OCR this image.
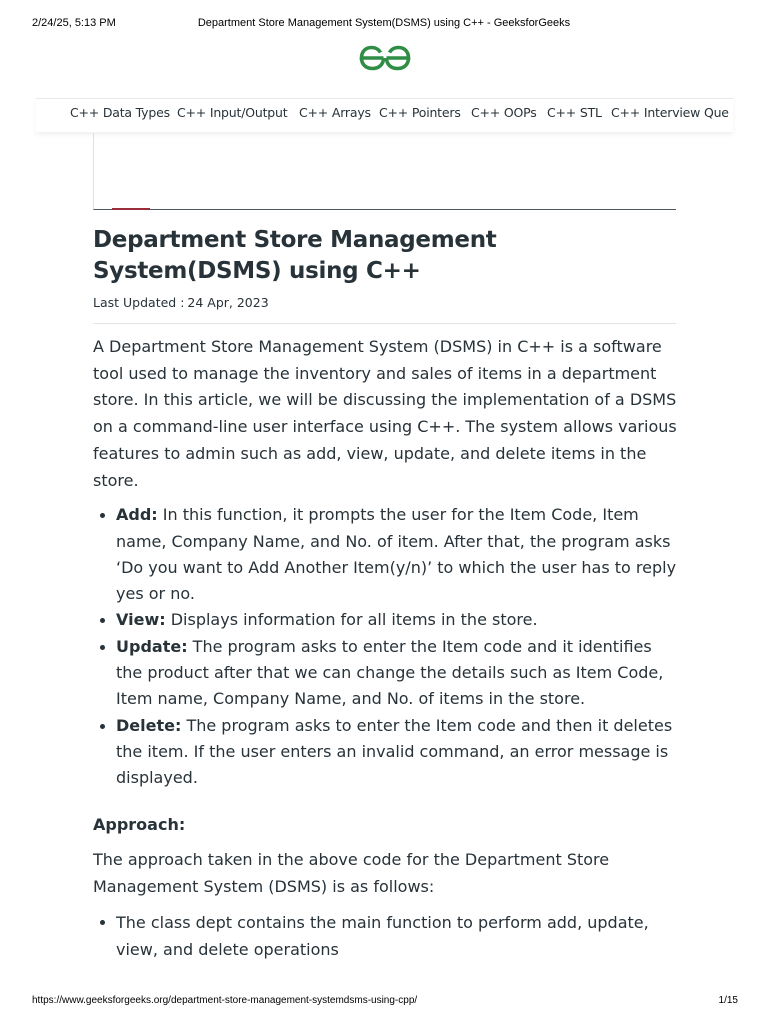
2/24/25, 5:13 PM	Department Store Management System(DSMS) using C++ - GeeksforGeeks
C++ Data Types C++ Input/Output C++ Arrays C++ Pointers C++ OOPs C++ STL C++ Interview Que
Department Store Management System(DSMS) using C++
Last Updated : 24 Apr, 2023

A Department Store Management System (DSMS) in C++ is a software tool used to manage the inventory and sales of items in a department store. In this article, we will be discussing the implementation of a DSMS on a command-line user interface using C++. The system allows various features to admin such as add, view, update, and delete items in the store.

Add: In this function, it prompts the user for the Item Code, Item name, Company Name, and No. of item. After that, the program asks ‘Do you want to Add Another Item(y/n)’ to which the user has to reply yes or no.
View: Displays information for all items in the store.
Update: The program asks to enter the Item code and it identifies the product after that we can change the details such as Item Code, Item name, Company Name, and No. of items in the store.
Delete: The program asks to enter the Item code and then it deletes the item. If the user enters an invalid command, an error message is displayed.
Approach:

The approach taken in the above code for the Department Store Management System (DSMS) is as follows:

The class dept contains the main function to perform add, update, view, and delete operations
https://www.geeksforgeeks.org/department-store-management-systemdsms-using-cpp/	1/15
